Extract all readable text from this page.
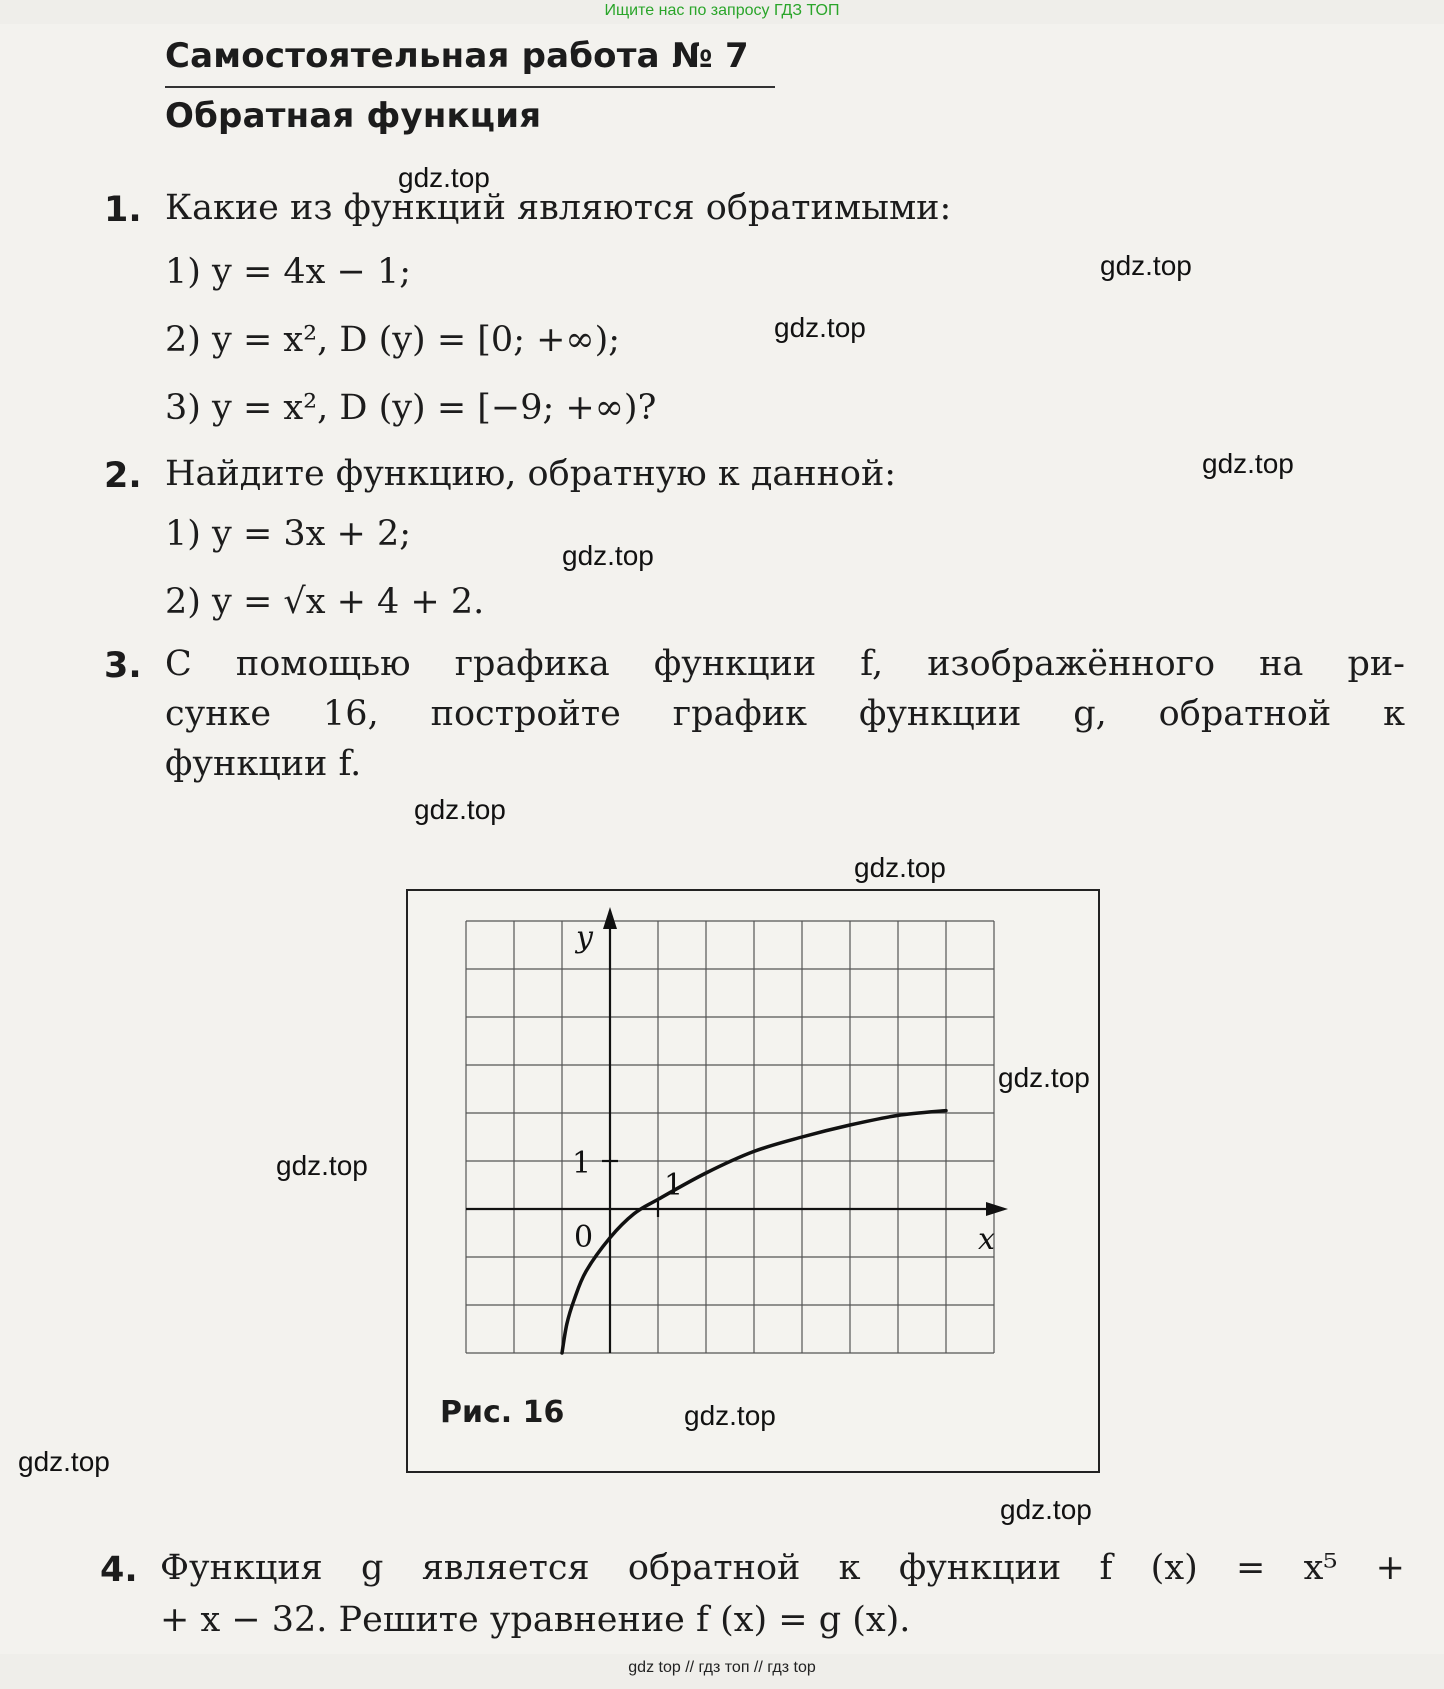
Ищите нас по запросу ГДЗ ТОП
Самостоятельная работа № 7
Обратная функция
1. Какие из функций являются обратимыми:
1) y = 4x − 1;
2) y = x², D (y) = [0; +∞);
3) y = x², D (y) = [−9; +∞)?
2. Найдите функцию, обратную к данной:
1) y = 3x + 2;
2) y = √x + 4 + 2.
3. С помощью графика функции f, изображённого на ри-
сунке 16, постройте график функции g, обратной к
функции f.
y
x
1
1
0
Рис. 16
4. Функция g является обратной к функции f (x) = x⁵ +
+ x − 32. Решите уравнение f (x) = g (x).
gdz.top
gdz.top
gdz.top
gdz.top
gdz.top
gdz.top
gdz.top
gdz.top
gdz.top
gdz.top
gdz.top
gdz.top
gdz top // гдз топ // гдз top
